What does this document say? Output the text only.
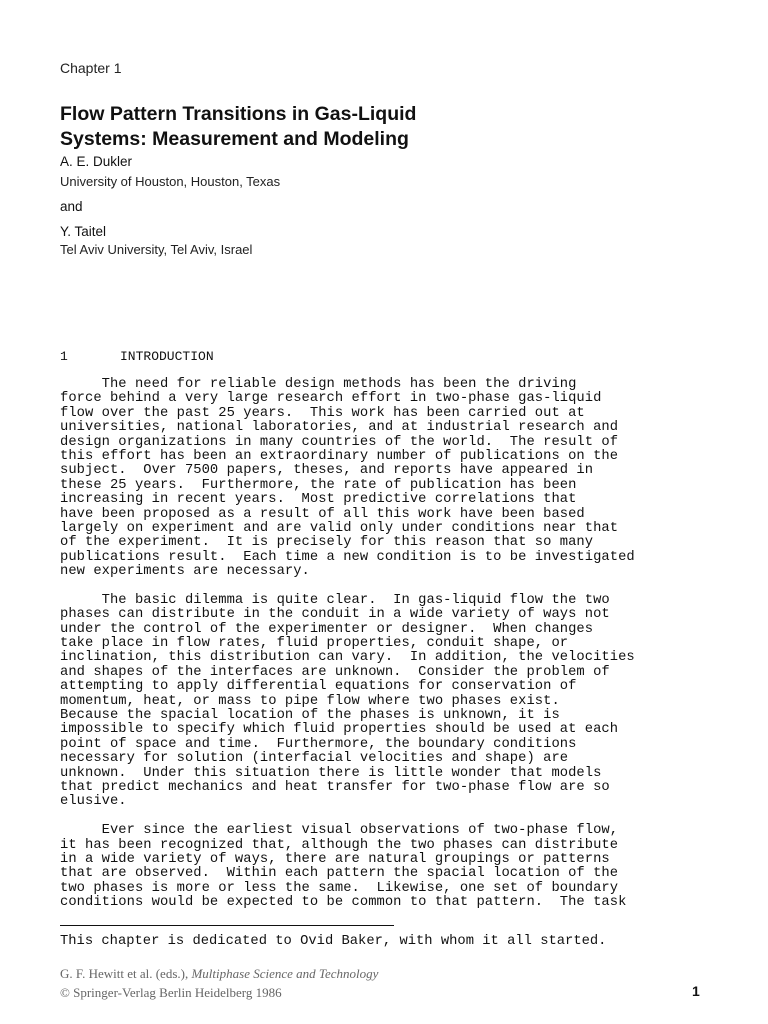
Chapter 1
Flow Pattern Transitions in Gas-Liquid
Systems: Measurement and Modeling
A. E. Dukler
University of Houston, Houston, Texas
and
Y. Taitel
Tel Aviv University, Tel Aviv, Israel
1	INTRODUCTION
The need for reliable design methods has been the driving
force behind a very large research effort in two-phase gas-liquid
flow over the past 25 years.  This work has been carried out at
universities, national laboratories, and at industrial research and
design organizations in many countries of the world.  The result of
this effort has been an extraordinary number of publications on the
subject.  Over 7500 papers, theses, and reports have appeared in
these 25 years.  Furthermore, the rate of publication has been
increasing in recent years.  Most predictive correlations that
have been proposed as a result of all this work have been based
largely on experiment and are valid only under conditions near that
of the experiment.  It is precisely for this reason that so many
publications result.  Each time a new condition is to be investigated
new experiments are necessary.
The basic dilemma is quite clear.  In gas-liquid flow the two
phases can distribute in the conduit in a wide variety of ways not
under the control of the experimenter or designer.  When changes
take place in flow rates, fluid properties, conduit shape, or
inclination, this distribution can vary.  In addition, the velocities
and shapes of the interfaces are unknown.  Consider the problem of
attempting to apply differential equations for conservation of
momentum, heat, or mass to pipe flow where two phases exist.
Because the spacial location of the phases is unknown, it is
impossible to specify which fluid properties should be used at each
point of space and time.  Furthermore, the boundary conditions
necessary for solution (interfacial velocities and shape) are
unknown.  Under this situation there is little wonder that models
that predict mechanics and heat transfer for two-phase flow are so
elusive.
Ever since the earliest visual observations of two-phase flow,
it has been recognized that, although the two phases can distribute
in a wide variety of ways, there are natural groupings or patterns
that are observed.  Within each pattern the spacial location of the
two phases is more or less the same.  Likewise, one set of boundary
conditions would be expected to be common to that pattern.  The task
This chapter is dedicated to Ovid Baker, with whom it all started.
G. F. Hewitt et al. (eds.), Multiphase Science and Technology
© Springer-Verlag Berlin Heidelberg 1986	1
